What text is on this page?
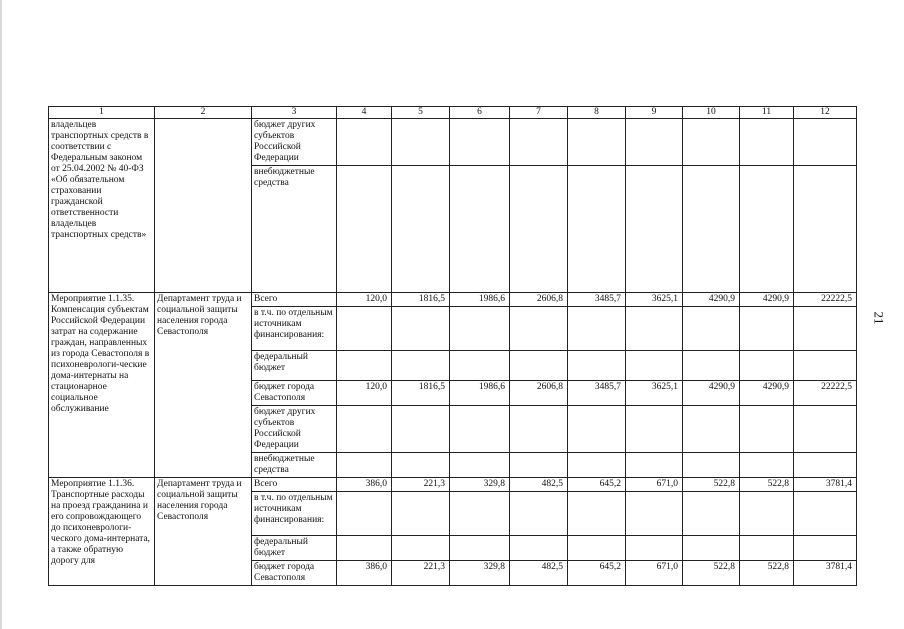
21
1	2	3	4	5	6	7	8	9	10	11	12
владельцев транспортных средств в соответствии с Федеральным законом от 25.04.2002 № 40-ФЗ «Об обязательном страховании гражданской ответственности владельцев транспортных средств»		бюджет других субъектов Российской Федерации									
		внебюджетные средства									
Мероприятие 1.1.35. Компенсация субъектам Российской Федерации затрат на содержание граждан, направленных из города Севастополя в психоневрологи-ческие дома-интернаты на стационарное социальное обслуживание	Департамент труда и социальной защиты населения города Севастополя	Всего	120,0	1816,5	1986,6	2606,8	3485,7	3625,1	4290,9	4290,9	22222,5
		в т.ч. по отдельным источникам финансирования:									
		федеральный бюджет									
		бюджет города Севастополя	120,0	1816,5	1986,6	2606,8	3485,7	3625,1	4290,9	4290,9	22222,5
		бюджет других субъектов Российской Федерации									
		внебюджетные средства									
Мероприятие 1.1.36. Транспортные расходы на проезд гражданина и его сопровождающего до психоневрологи-ческого дома-интерната, а также обратную дорогу для	Департамент труда и социальной защиты населения города Севастополя	Всего	386,0	221,3	329,8	482,5	645,2	671,0	522,8	522,8	3781,4
		в т.ч. по отдельным источникам финансирования:									
		федеральный бюджет									
		бюджет города Севастополя	386,0	221,3	329,8	482,5	645,2	671,0	522,8	522,8	3781,4
